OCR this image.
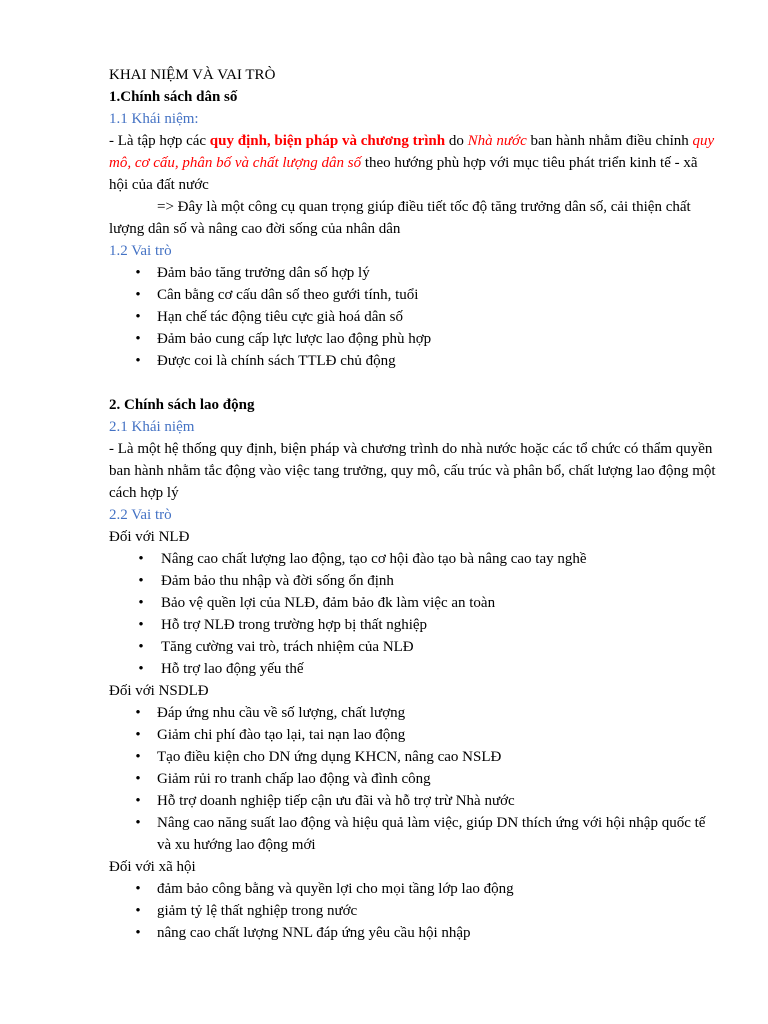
KHAI NIỆM VÀ VAI TRÒ

1.Chính sách dân số

1.1 Khái niệm:

- Là tập hợp các quy định, biện pháp và chương trình do Nhà nước ban hành nhằm điều chỉnh quy mô, cơ cấu, phân bố và chất lượng dân số theo hướng phù hợp với mục tiêu phát triển kinh tế - xã hội của đất nước

=> Đây là một công cụ quan trọng giúp điều tiết tốc độ tăng trưởng dân số, cải thiện chất lượng dân số và nâng cao đời sống của nhân dân

1.2 Vai trò

• Đảm bảo tăng trưởng dân số hợp lý
• Cân bằng cơ cấu dân số theo gưới tính, tuổi
• Hạn chế tác động tiêu cực già hoá dân số
• Đảm bảo cung cấp lực lược lao động phù hợp
• Được coi là chính sách TTLĐ chủ động

2. Chính sách lao động

2.1 Khái niệm

- Là một hệ thống quy định, biện pháp và chương trình do nhà nước hoặc các tổ chức có thẩm quyền ban hành nhằm tắc động vào việc tang trưởng, quy mô, cấu trúc và phân bổ, chất lượng lao động một cách hợp lý

2.2 Vai trò

Đối với NLĐ

• Nâng cao chất lượng lao động, tạo cơ hội đào tạo bà nâng cao tay nghề
• Đảm bảo thu nhập và đời sống ổn định
• Bảo vệ quền lợi của NLĐ, đảm bảo đk làm việc an toàn
• Hỗ trợ NLĐ trong trường hợp bị thất nghiệp
• Tăng cường vai trò, trách nhiệm của NLĐ
• Hỗ trợ lao động yếu thế

Đối với NSDLĐ

• Đáp ứng nhu cầu về số lượng, chất lượng
• Giảm chi phí đào tạo lại, tai nạn lao động
• Tạo điều kiện cho DN ứng dụng KHCN, nâng cao NSLĐ
• Giảm rủi ro tranh chấp lao động và đình công
• Hỗ trợ doanh nghiệp tiếp cận ưu đãi và hỗ trợ trừ Nhà nước
• Nâng cao năng suất lao động và hiệu quả làm việc, giúp DN thích ứng với hội nhập quốc tế và xu hướng lao động mới

Đối với xã hội

• đảm bảo công bằng và quyền lợi cho mọi tầng lớp lao động
• giảm tỷ lệ thất nghiệp trong nước
• nâng cao chất lượng NNL đáp ứng yêu cầu hội nhập
